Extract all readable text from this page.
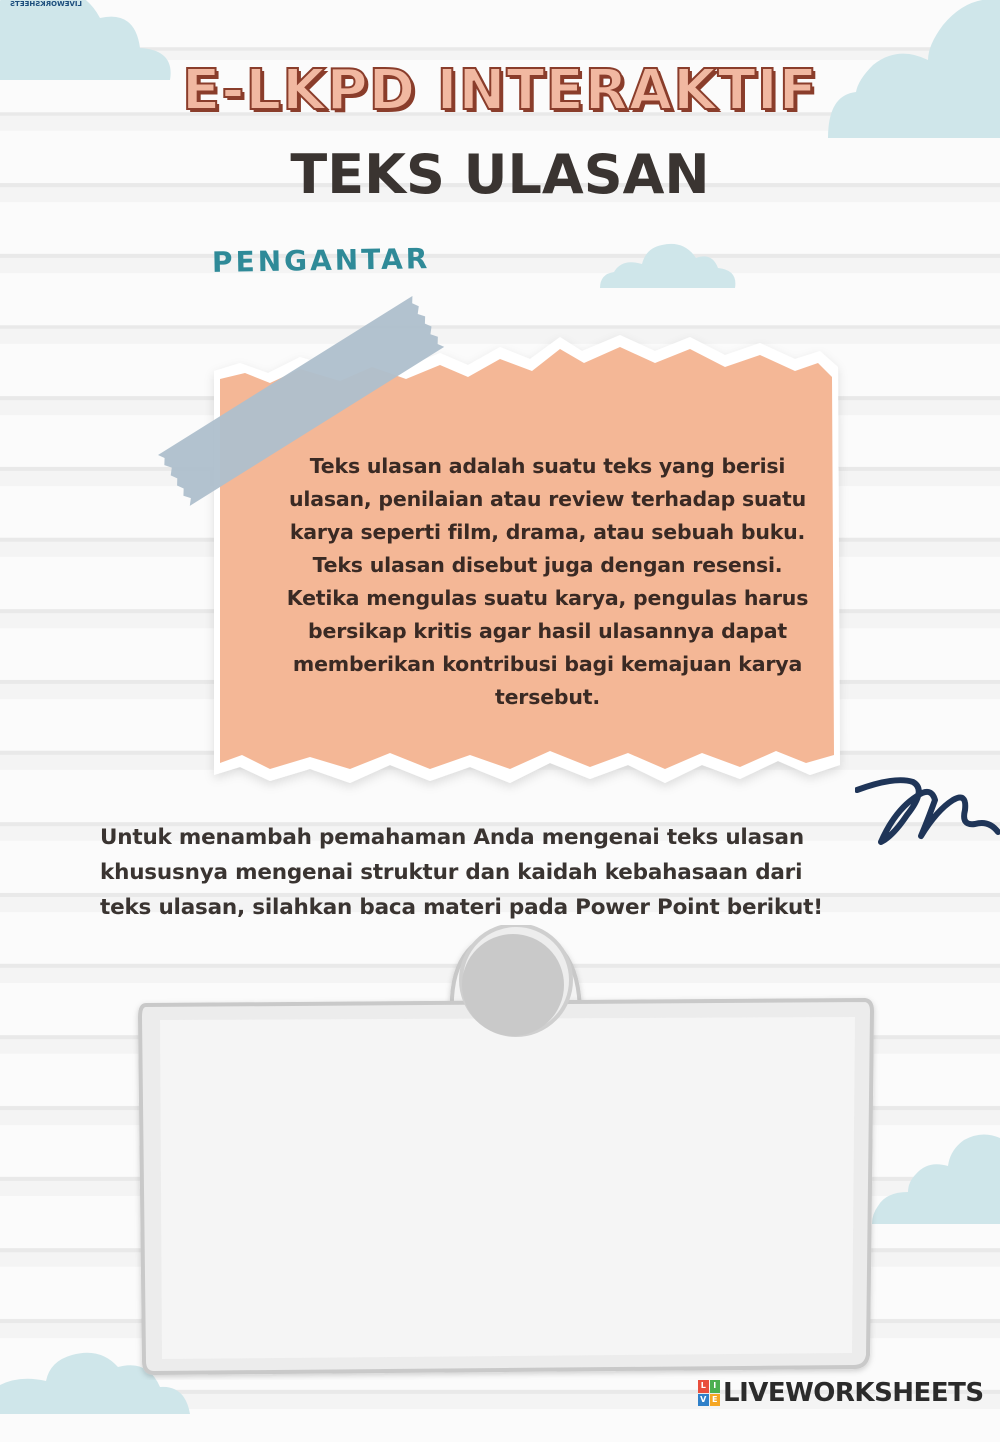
LIVEWORKSHEETS
E-LKPD INTERAKTIF
TEKS ULASAN
PENGANTAR
Teks ulasan adalah suatu teks yang berisi ulasan, penilaian atau review terhadap suatu karya seperti film, drama, atau sebuah buku. Teks ulasan disebut juga dengan resensi. Ketika mengulas suatu karya, pengulas harus bersikap kritis agar hasil ulasannya dapat memberikan kontribusi bagi kemajuan karya tersebut.
Untuk menambah pemahaman Anda mengenai teks ulasan khususnya mengenai struktur dan kaidah kebahasaan dari teks ulasan, silahkan baca materi pada Power Point berikut!
L I
V E LIVEWORKSHEETS
